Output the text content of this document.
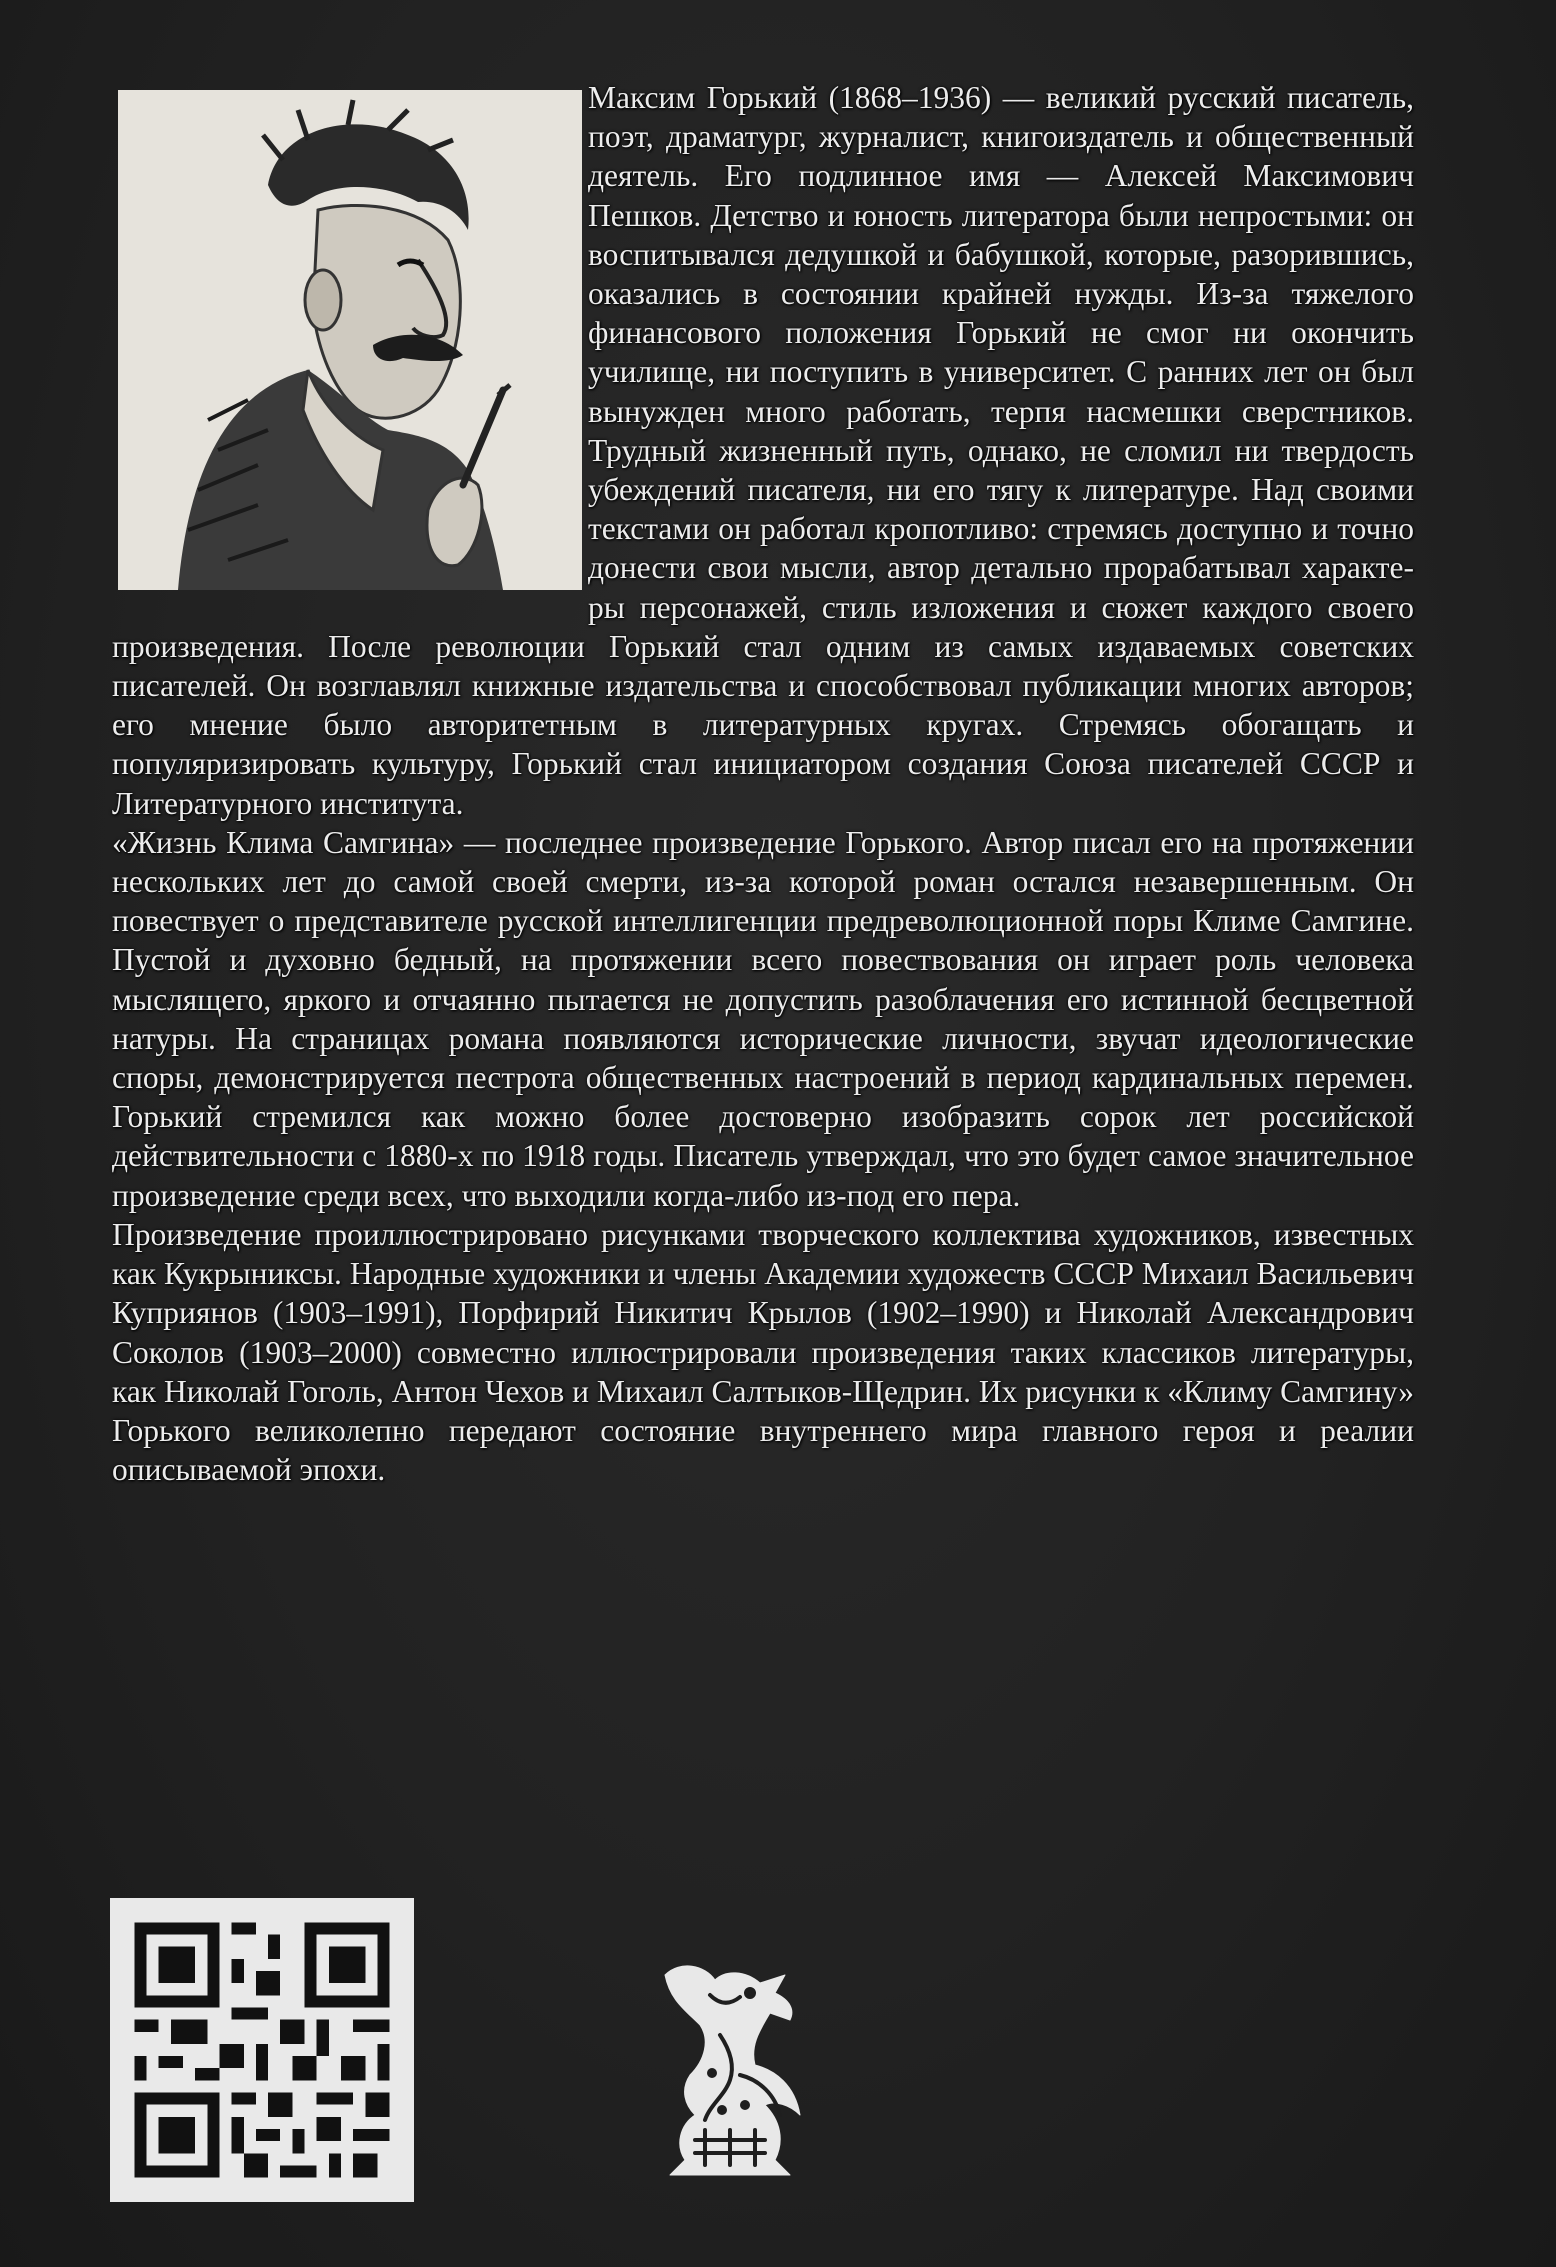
Максим Горький (1868–1936) — великий русский писатель, поэт, драматург, журналист, книгоиздатель и общественный деятель. Его подлинное имя — Алексей Максимович Пешков. Детство и юность литератора были непростыми: он воспитывался дедушкой и бабушкой, которые, разорившись, оказались в состоянии крайней нужды. Из-за тяжелого финансового положения Горький не смог ни окончить училище, ни поступить в университет. С ранних лет он был вынужден много работать, терпя насмешки сверстников. Трудный жизненный путь, однако, не сломил ни твердость убеждений писателя, ни его тягу к литературе. Над своими текстами он работал кропотливо: стремясь доступно и точно донести свои мысли, автор детально прорабатывал характеры персонажей, стиль изложения и сюжет каждого своего произведения. После революции Горький стал одним из самых издаваемых советских писателей. Он возглавлял книжные издательства и способствовал публикации многих авторов; его мнение было авторитетным в литературных кругах. Стремясь обогащать и популяризировать культуру, Горький стал инициатором создания Союза писателей СССР и Литературного института.

«Жизнь Клима Самгина» — последнее произведение Горького. Автор писал его на протяжении нескольких лет до самой своей смерти, из-за которой роман остался незавершенным. Он повествует о представителе русской интеллигенции предреволюционной поры Климе Самгине. Пустой и духовно бедный, на протяжении всего повествования он играет роль человека мыслящего, яркого и отчаянно пытается не допустить разоблачения его истинной бесцветной натуры. На страницах романа появляются исторические личности, звучат идеологические споры, демонстрируется пестрота общественных настроений в период кардинальных перемен. Горький стремился как можно более достоверно изобразить сорок лет российской действительности с 1880-х по 1918 годы. Писатель утверждал, что это будет самое значительное произведение среди всех, что выходили когда-либо из-под его пера.

Произведение проиллюстрировано рисунками творческого коллектива художников, известных как Кукрыниксы. Народные художники и члены Академии художеств СССР Михаил Васильевич Куприянов (1903–1991), Порфирий Никитич Крылов (1902–1990) и Николай Александрович Соколов (1903–2000) совместно иллюстрировали произведения таких классиков литературы, как Николай Гоголь, Антон Чехов и Михаил Салтыков-Щедрин. Их рисунки к «Климу Самгину» Горького великолепно передают состояние внутреннего мира главного героя и реалии описываемой эпохи.
